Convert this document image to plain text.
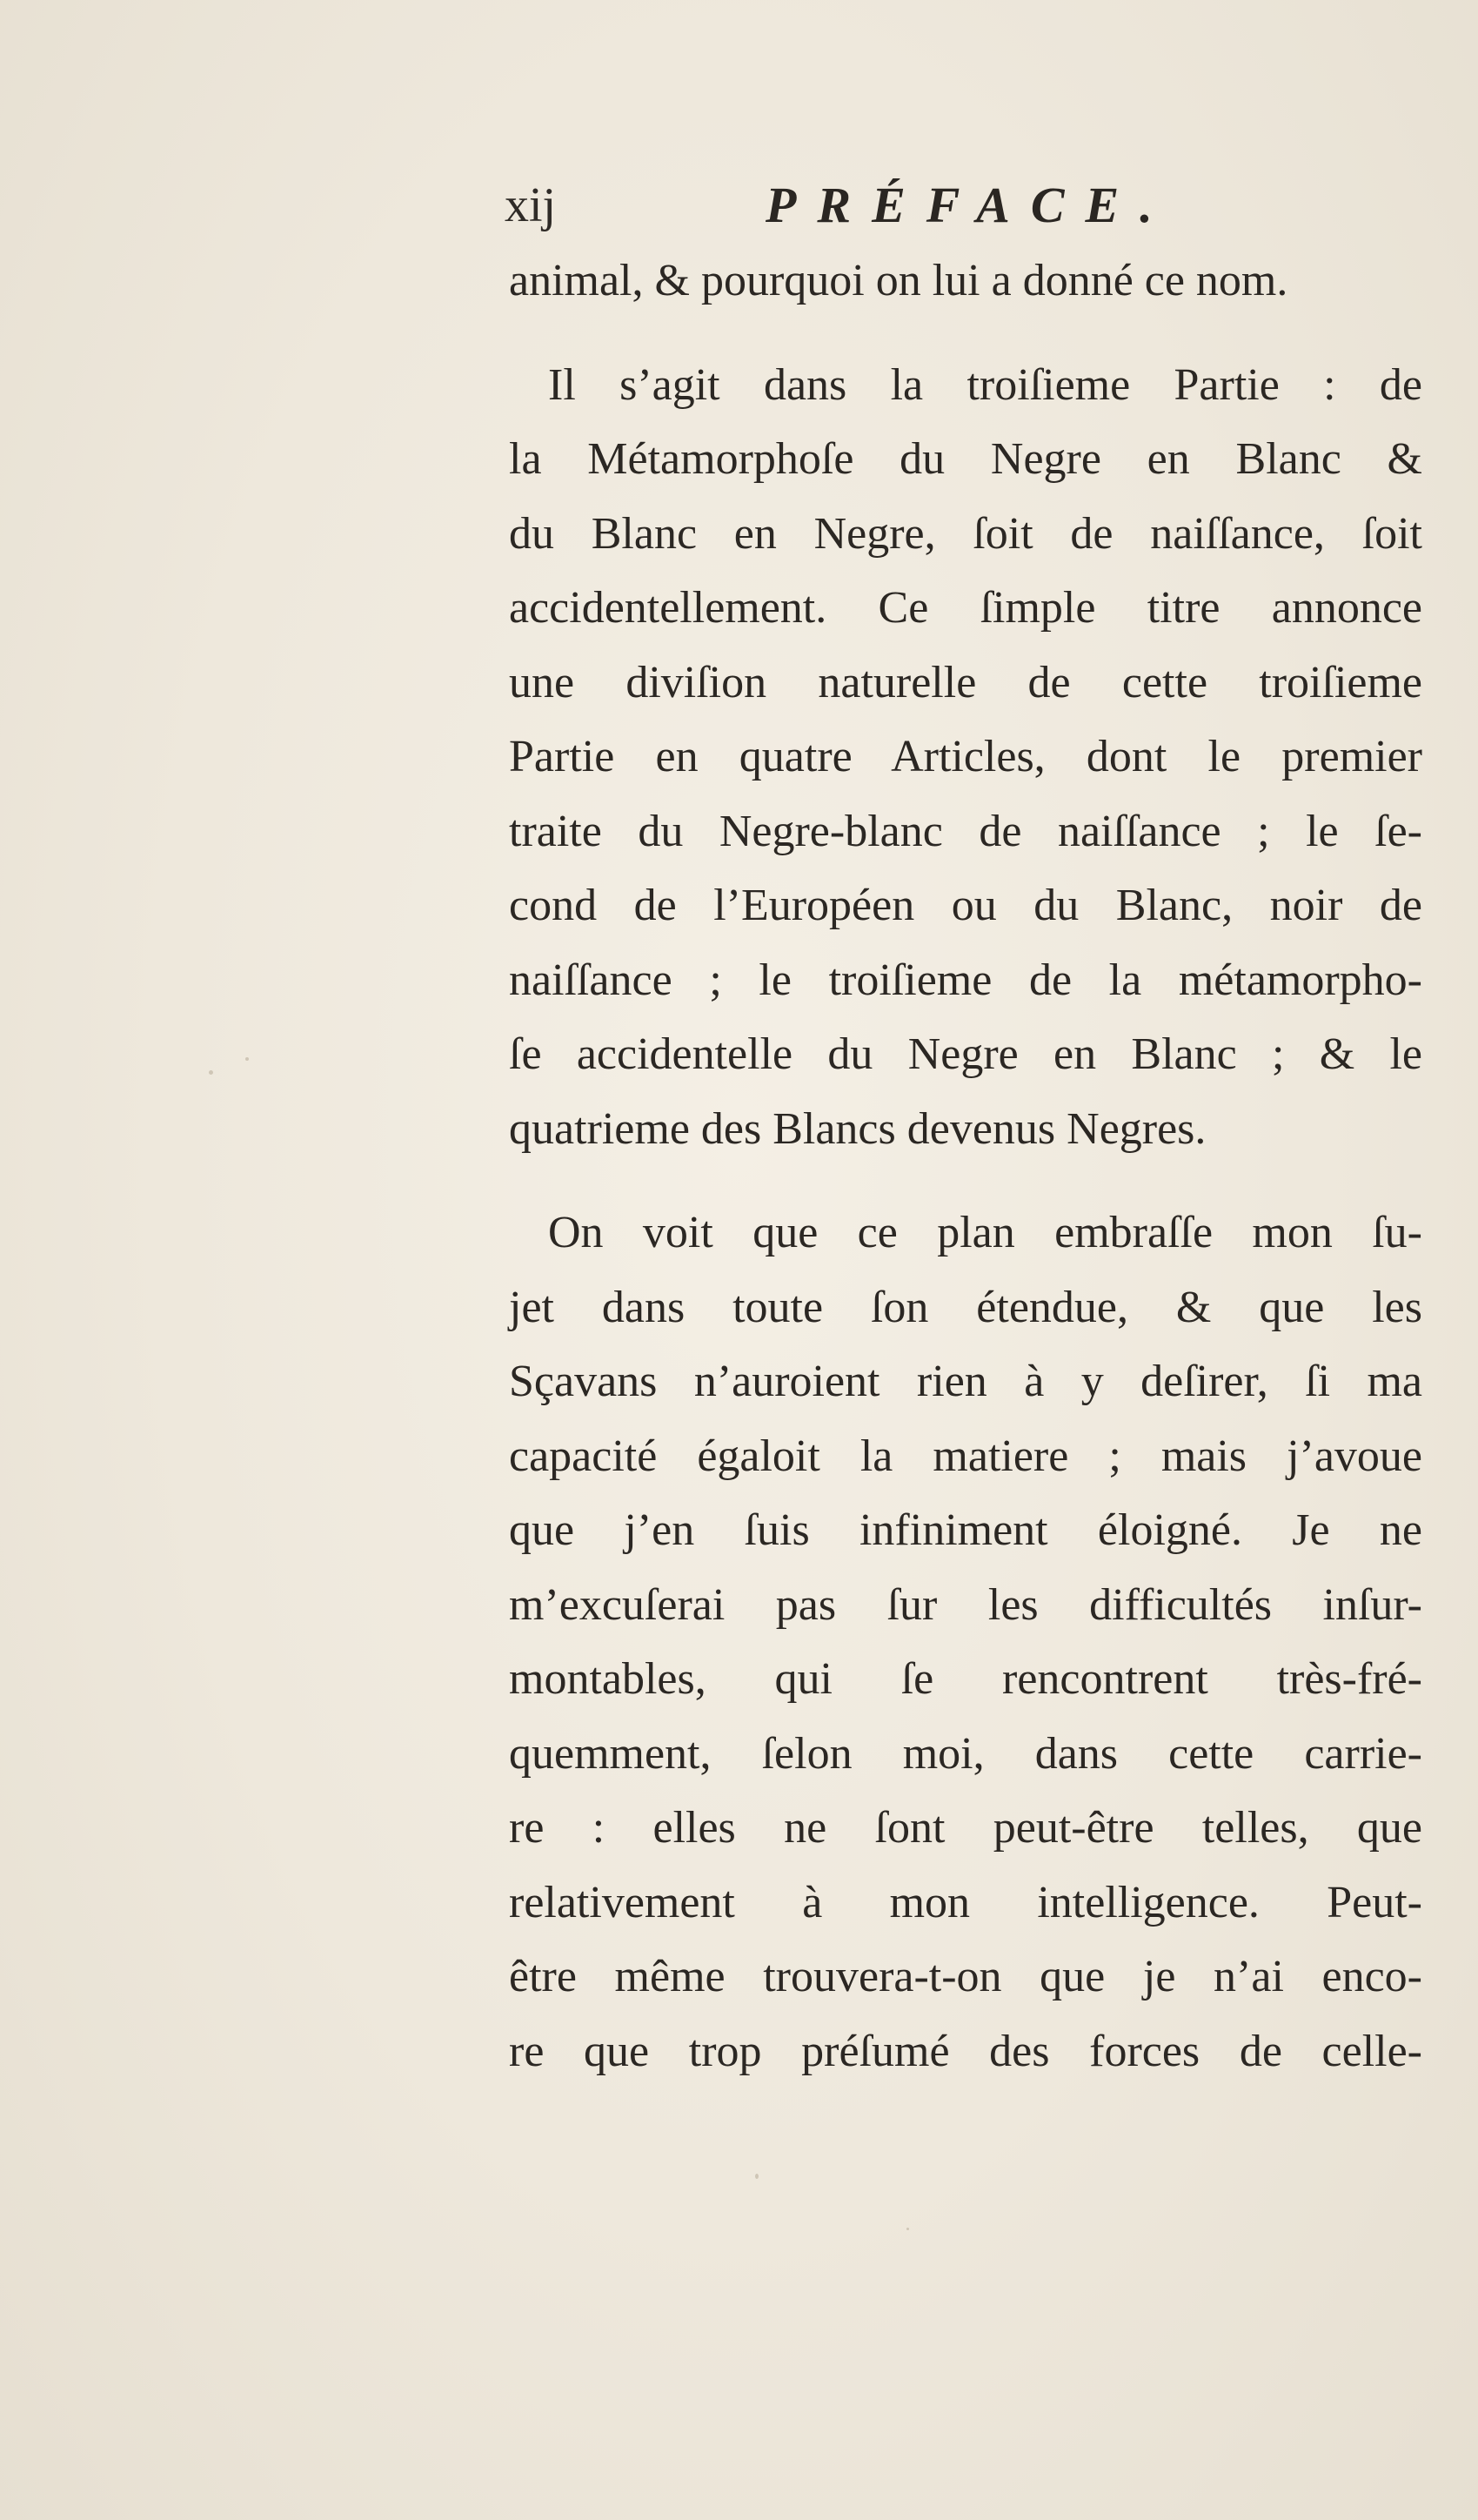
xij	PRÉFACE.
animal, & pourquoi on lui a donné ce nom.
Il s’agit dans la troiſieme Partie : de
la Métamorphoſe du Negre en Blanc &
du Blanc en Negre, ſoit de naiſſance, ſoit
accidentellement. Ce ſimple titre annonce
une diviſion naturelle de cette troiſieme
Partie en quatre Articles, dont le premier
traite du Negre-blanc de naiſſance ; le ſe-
cond de l’Européen ou du Blanc, noir de
naiſſance ; le troiſieme de la métamorpho-
ſe accidentelle du Negre en Blanc ; & le
quatrieme des Blancs devenus Negres.
On voit que ce plan embraſſe mon ſu-
jet dans toute ſon étendue, & que les
Sçavans n’auroient rien à y deſirer, ſi ma
capacité égaloit la matiere ; mais j’avoue
que j’en ſuis infiniment éloigné. Je ne
m’excuſerai pas ſur les difficultés inſur-
montables, qui ſe rencontrent très-fré-
quemment, ſelon moi, dans cette carrie-
re : elles ne ſont peut-être telles, que
relativement à mon intelligence. Peut-
être même trouvera-t-on que je n’ai enco-
re que trop préſumé des forces de celle-
